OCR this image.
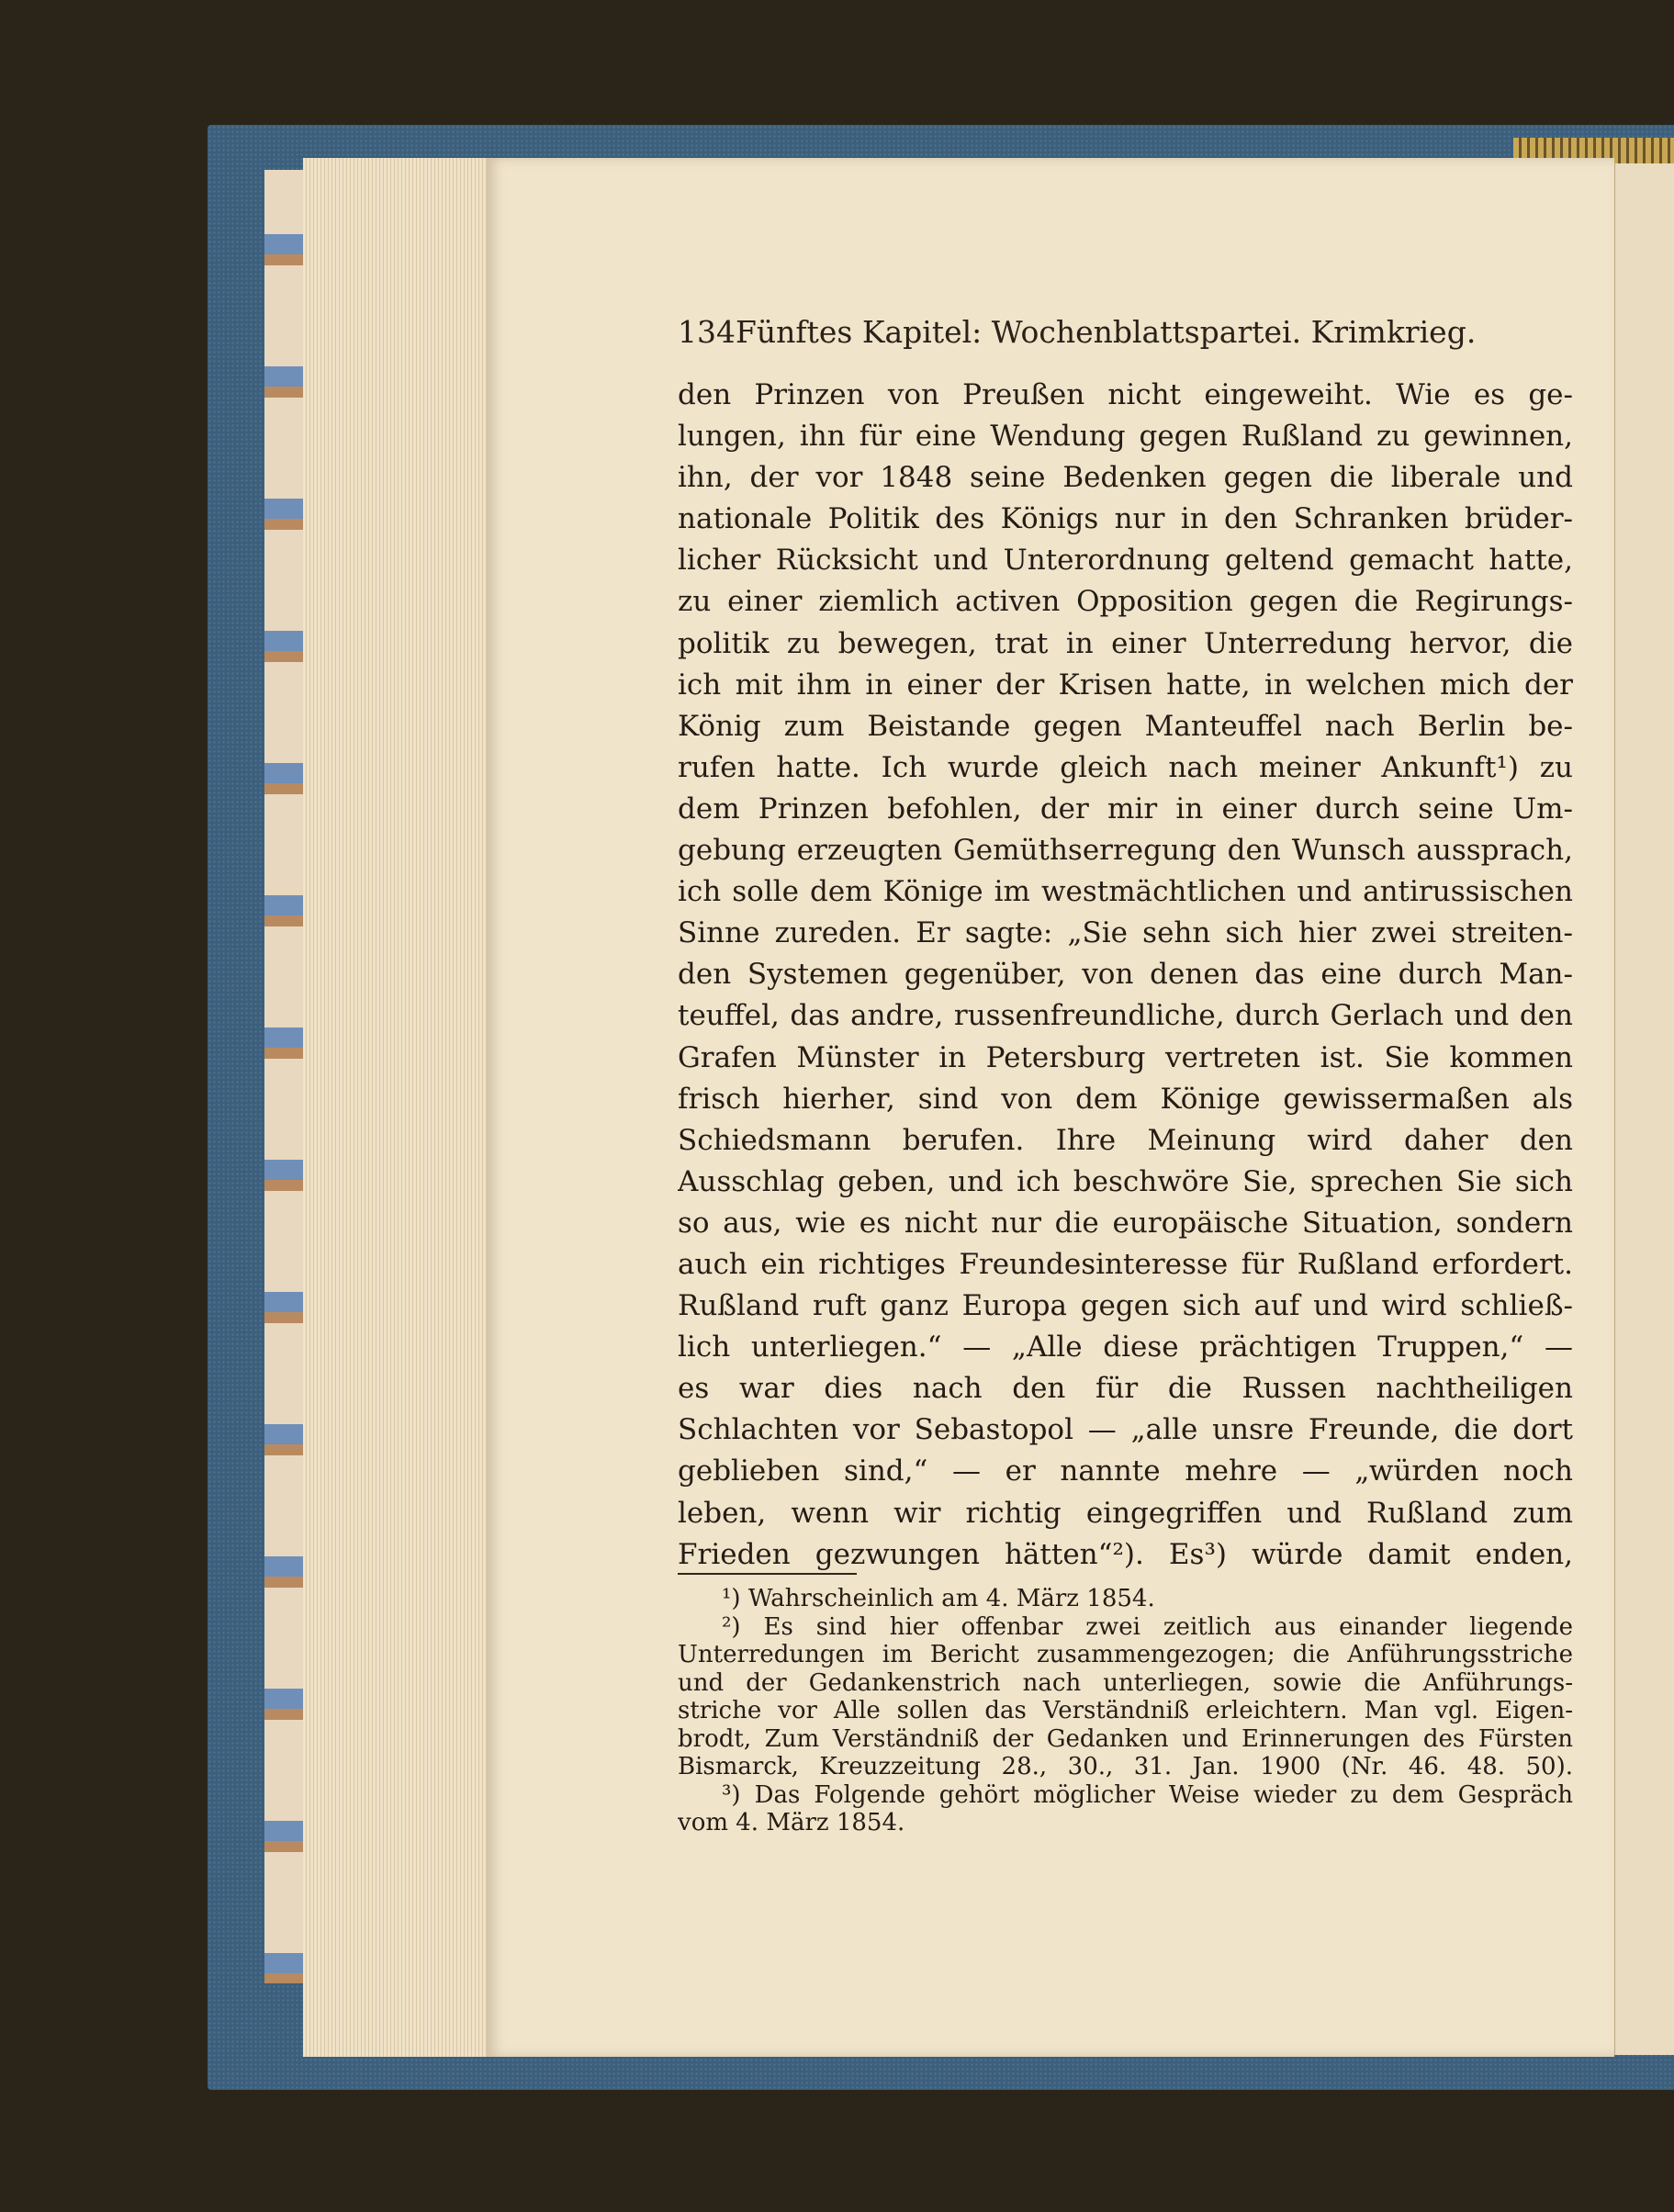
134 Fünftes Kapitel: Wochenblattspartei. Krimkrieg.
den Prinzen von Preußen nicht eingeweiht. Wie es ge-
lungen, ihn für eine Wendung gegen Rußland zu gewinnen,
ihn, der vor 1848 seine Bedenken gegen die liberale und
nationale Politik des Königs nur in den Schranken brüder-
licher Rücksicht und Unterordnung geltend gemacht hatte,
zu einer ziemlich activen Opposition gegen die Regirungs-
politik zu bewegen, trat in einer Unterredung hervor, die
ich mit ihm in einer der Krisen hatte, in welchen mich der
König zum Beistande gegen Manteuffel nach Berlin be-
rufen hatte. Ich wurde gleich nach meiner Ankunft¹) zu
dem Prinzen befohlen, der mir in einer durch seine Um-
gebung erzeugten Gemüthserregung den Wunsch aussprach,
ich solle dem Könige im westmächtlichen und antirussischen
Sinne zureden. Er sagte: „Sie sehn sich hier zwei streiten-
den Systemen gegenüber, von denen das eine durch Man-
teuffel, das andre, russenfreundliche, durch Gerlach und den
Grafen Münster in Petersburg vertreten ist. Sie kommen
frisch hierher, sind von dem Könige gewissermaßen als
Schiedsmann berufen. Ihre Meinung wird daher den
Ausschlag geben, und ich beschwöre Sie, sprechen Sie sich
so aus, wie es nicht nur die europäische Situation, sondern
auch ein richtiges Freundesinteresse für Rußland erfordert.
Rußland ruft ganz Europa gegen sich auf und wird schließ-
lich unterliegen.“ — „Alle diese prächtigen Truppen,“ —
es war dies nach den für die Russen nachtheiligen
Schlachten vor Sebastopol — „alle unsre Freunde, die dort
geblieben sind,“ — er nannte mehre — „würden noch
leben, wenn wir richtig eingegriffen und Rußland zum
Frieden gezwungen hätten“²). Es³) würde damit enden,
¹) Wahrscheinlich am 4. März 1854.
²) Es sind hier offenbar zwei zeitlich aus einander liegende
Unterredungen im Bericht zusammengezogen; die Anführungsstriche
und der Gedankenstrich nach unterliegen, sowie die Anführungs-
striche vor Alle sollen das Verständniß erleichtern. Man vgl. Eigen-
brodt, Zum Verständniß der Gedanken und Erinnerungen des Fürsten
Bismarck, Kreuzzeitung 28., 30., 31. Jan. 1900 (Nr. 46. 48. 50).
³) Das Folgende gehört möglicher Weise wieder zu dem Gespräch
vom 4. März 1854.
